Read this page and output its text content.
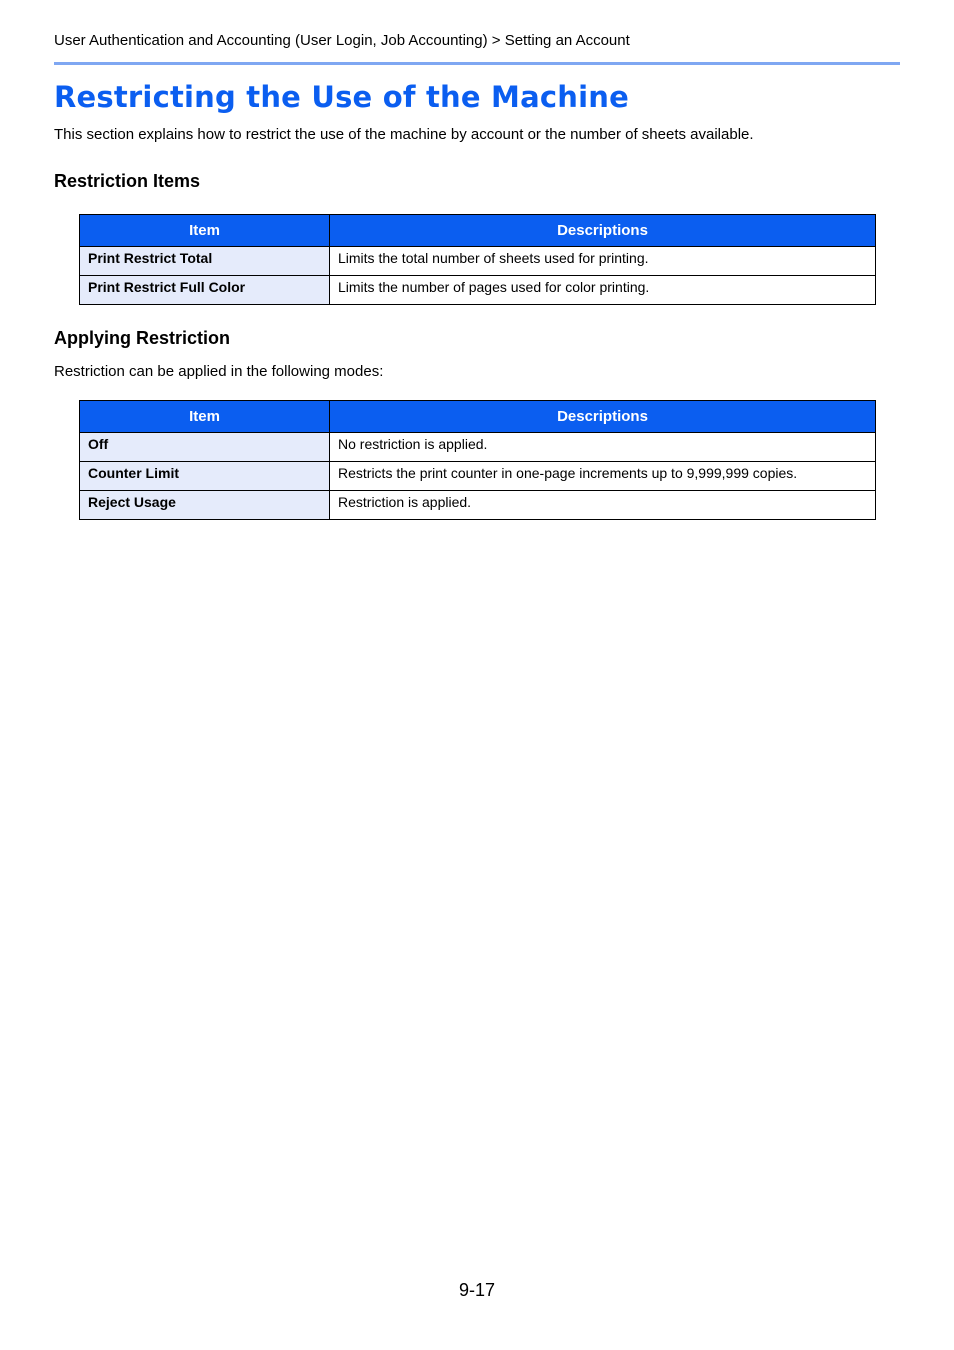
User Authentication and Accounting (User Login, Job Accounting) > Setting an Account
Restricting the Use of the Machine

This section explains how to restrict the use of the machine by account or the number of sheets available.

Restriction Items
Item	Descriptions
Print Restrict Total	Limits the total number of sheets used for printing.
Print Restrict Full Color	Limits the number of pages used for color printing.
Applying Restriction

Restriction can be applied in the following modes:

Item	Descriptions
Off	No restriction is applied.
Counter Limit	Restricts the print counter in one-page increments up to 9,999,999 copies.
Reject Usage	Restriction is applied.
9-17
